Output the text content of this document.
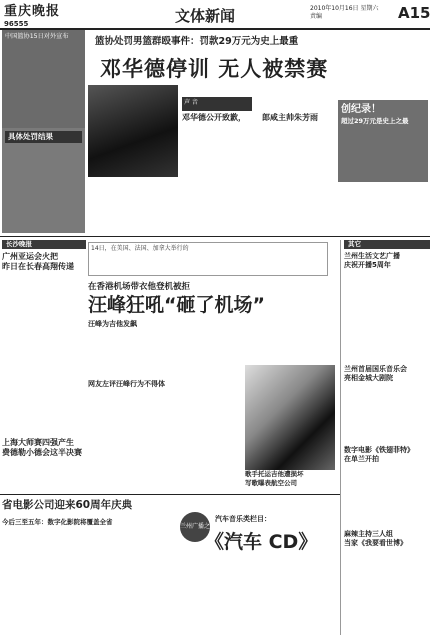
重庆晚报
96555	文体新闻	2010年10月16日 星期六
责编	A15
中国篮协15日对外宣布	篮协处罚男篮群殴事件：罚款29万元为史上最重
邓华德停训 无人被禁赛
具体处罚结果
声 音
邓华德公开致歉，	郎咸主帅朱芳雨
创纪录！
超过29万元是史上之最
长沙晚报
广州亚运会火把
昨日在长春高翔传递
上海大师赛四强产生
费德勒小德会这半决赛
14日，在美国、法国、加拿大举行的
在香港机场带衣他登机被拒
汪峰狂吼“砸了机场”
汪峰为吉他发飙
网友左评汪峰行为不得体
歌手托运吉他遭损坏
写歌曝表航空公司
其它
兰州生活文艺广播
庆祝开播5周年
兰州首届国乐音乐会
亮相金城大剧院
数字电影《铁翅菲特》
在单兰开拍
麻辣主持三人组
当家《我要看世博》
省电影公司迎来60周年庆典
今后三至五年：数字化影院将覆盖全省
兰州广播之声
汽车音乐类栏目：
《汽车 CD》
